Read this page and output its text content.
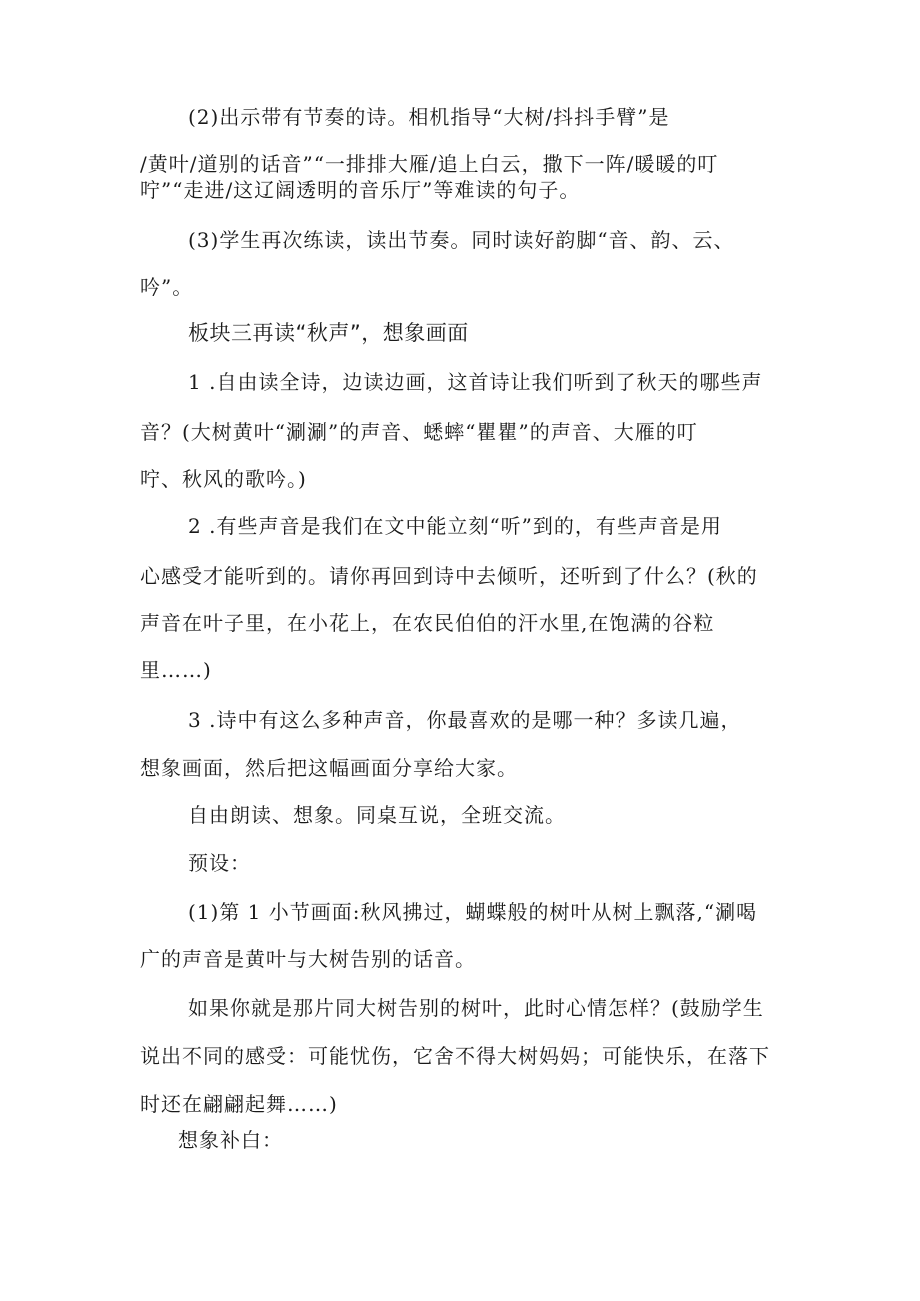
(2)出示带有节奏的诗。相机指导“大树/抖抖手臂”是
/黄叶/道别的话音”“一排排大雁/追上白云，撒下一阵/暖暖的叮
咛”“走进/这辽阔透明的音乐厅”等难读的句子。
(3)学生再次练读，读出节奏。同时读好韵脚“音、韵、云、
吟”。
板块三再读“秋声”，想象画面
1 .自由读全诗，边读边画，这首诗让我们听到了秋天的哪些声
音？(大树黄叶“涮涮”的声音、蟋蟀“瞿瞿”的声音、大雁的叮
咛、秋风的歌吟。)
2 .有些声音是我们在文中能立刻“听”到的，有些声音是用
心感受才能听到的。请你再回到诗中去倾听，还听到了什么？(秋的
声音在叶子里，在小花上，在农民伯伯的汗水里,在饱满的谷粒
里……)
3 .诗中有这么多种声音，你最喜欢的是哪一种？多读几遍，
想象画面，然后把这幅画面分享给大家。
自由朗读、想象。同桌互说，全班交流。
预设：
(1)第 1 小节画面:秋风拂过，蝴蝶般的树叶从树上飘落,“涮喝
广的声音是黄叶与大树告别的话音。
如果你就是那片同大树告别的树叶，此时心情怎样？(鼓励学生
说出不同的感受：可能忧伤，它舍不得大树妈妈；可能快乐，在落下
时还在翩翩起舞……)
想象补白：
